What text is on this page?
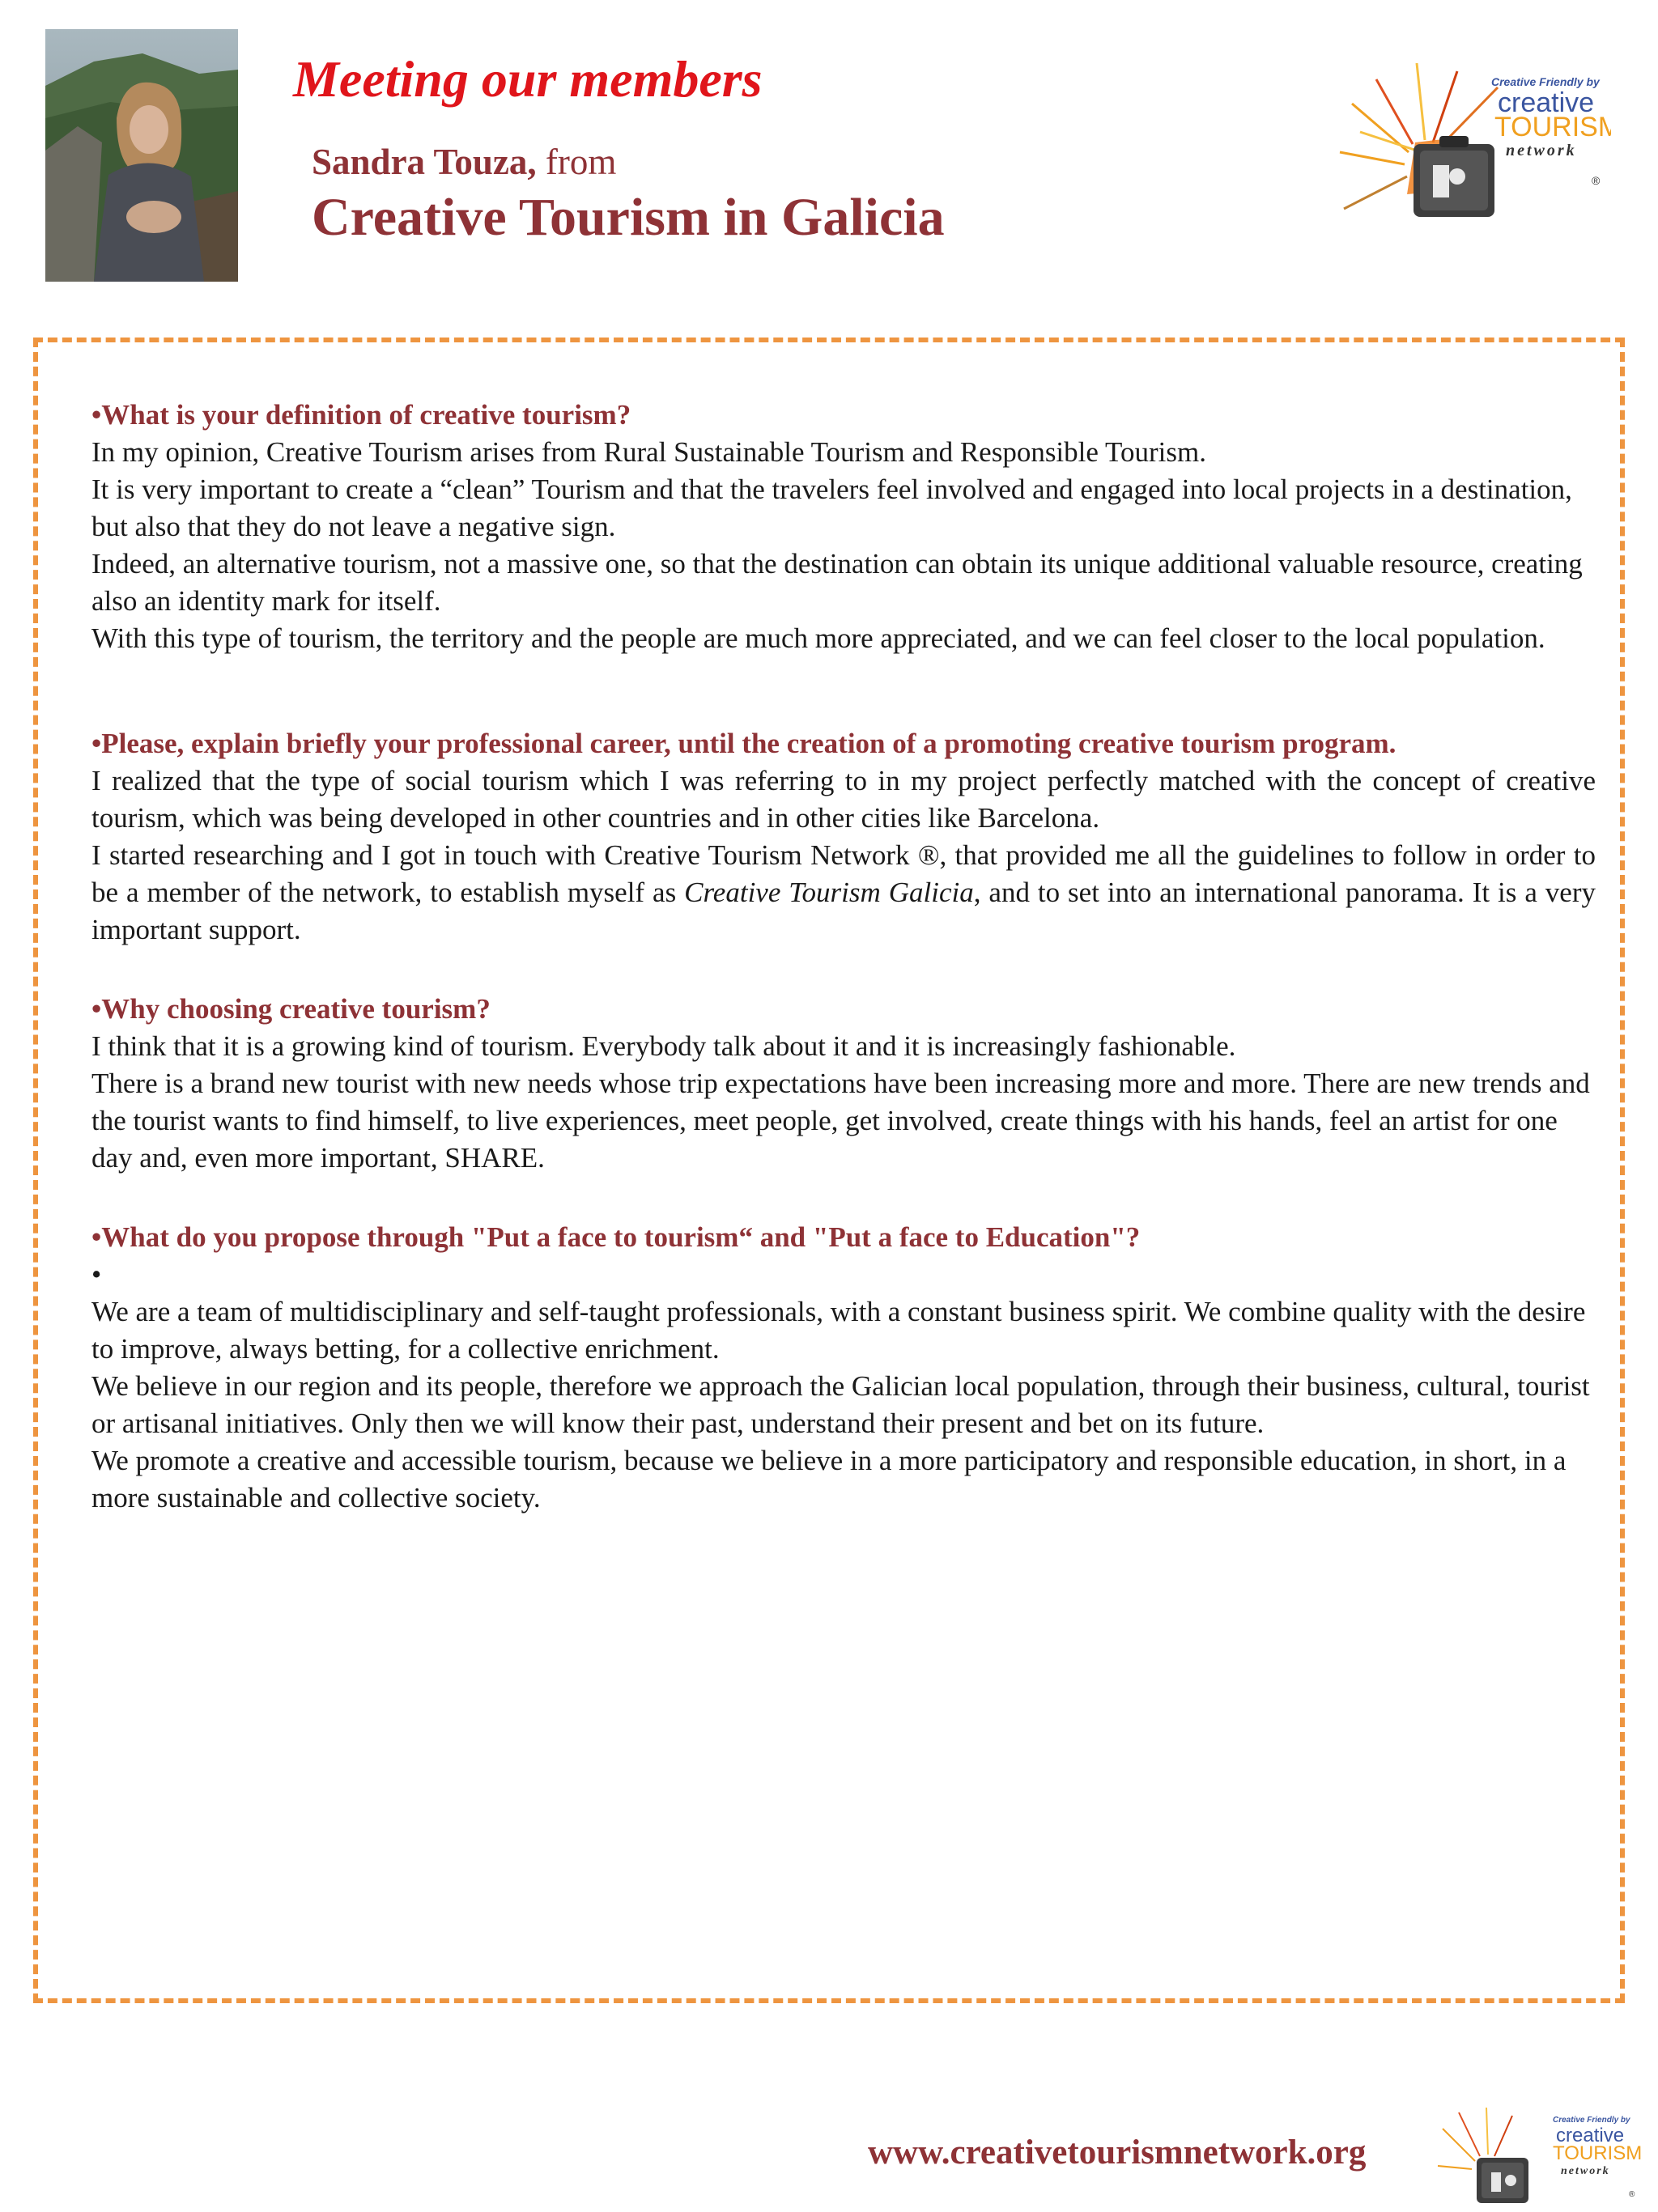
Meeting our members
Sandra Touza, from
Creative Tourism in Galicia
Creative Friendly by
creative
TOURISM
network
®

•What is your definition of creative tourism?

In my opinion, Creative Tourism arises from Rural Sustainable Tourism and Responsible Tourism.

It is very important to create a “clean” Tourism and that the travelers feel involved and engaged into local projects in a destination, but also that they do not leave a negative sign.

Indeed, an alternative tourism, not a massive one, so that the destination can obtain its unique additional valuable resource, creating also an identity mark for itself.

With this type of tourism, the territory and the people are much more appreciated, and we can feel closer to the local population.

•Please, explain briefly your professional career, until the creation of a promoting creative tourism program.

I realized that the type of social tourism which I was referring to in my project perfectly matched with the concept of creative tourism, which was being developed in other countries and in other cities like Barcelona.

I started researching and I got in touch with Creative Tourism Network ®, that provided me all the guidelines to follow in order to be a member of the network, to establish myself as Creative Tourism Galicia, and to set into an international panorama. It is a very important support.

•Why choosing creative tourism?

I think that it is a growing kind of tourism. Everybody talk about it and it is increasingly fashionable.

There is a brand new tourist with new needs whose trip expectations have been increasing more and more. There are new trends and the tourist wants to find himself, to live experiences, meet people, get involved, create things with his hands, feel an artist for one day and, even more important, SHARE.

•What do you propose through "Put a face to tourism“ and "Put a face to Education"?

•

We are a team of multidisciplinary and self-taught professionals, with a constant business spirit. We combine quality with the desire to improve, always betting, for a collective enrichment.

We believe in our region and its people, therefore we approach the Galician local population, through their business, cultural, tourist or artisanal initiatives. Only then we will know their past, understand their present and bet on its future.

We promote a creative and accessible tourism, because we believe in a more participatory and responsible education, in short, in a more sustainable and collective society.

www.creativetourismnetwork.org
Creative Friendly by
creative
TOURISM
network
®
